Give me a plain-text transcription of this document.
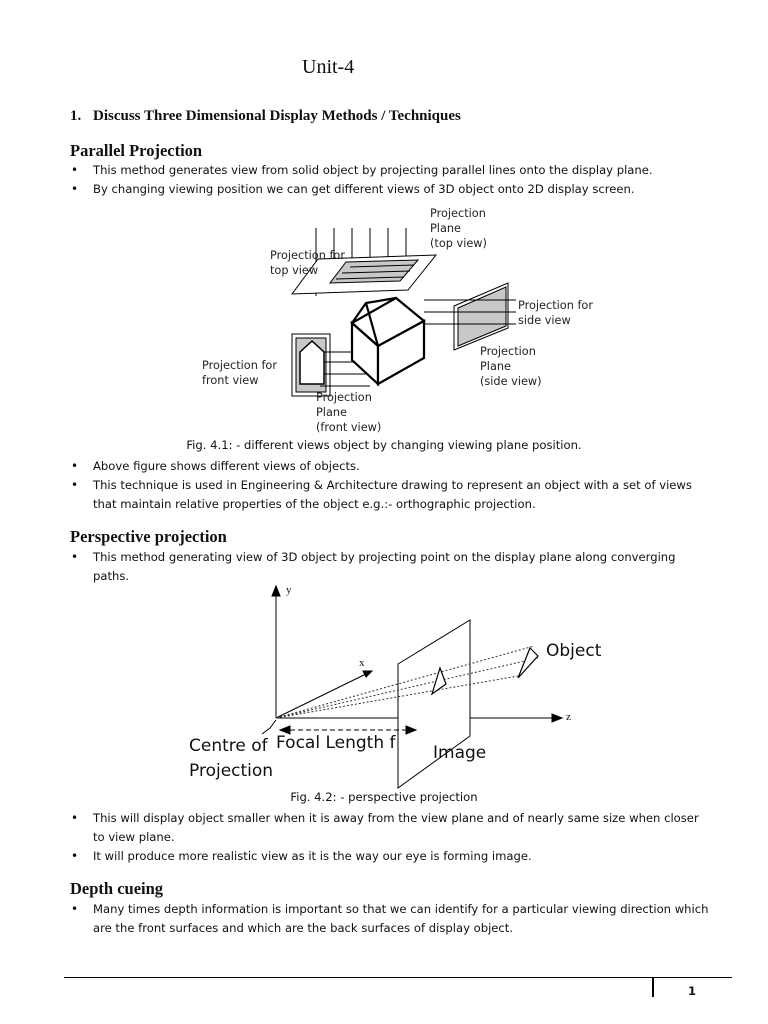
Unit-4
1. Discuss Three Dimensional Display Methods / Techniques
Parallel Projection
• This method generates view from solid object by projecting parallel lines onto the display plane.
• By changing viewing position we can get different views of 3D object onto 2D display screen.
Projection
Plane
(top view)
Projection for
top view
Projection for
side view
Projection
Plane
(side view)
Projection for
front view
Projection
Plane
(front view)
Fig. 4.1: - different views object by changing viewing plane position.
• Above figure shows different views of objects.
• This technique is used in Engineering & Architecture drawing to represent an object with a set of views that maintain relative properties of the object e.g.:- orthographic projection.
Perspective projection
• This method generating view of 3D object by projecting point on the display plane along converging paths.
y
x
z
Object
Image
Centre of
Projection
Focal Length f
Fig. 4.2: - perspective projection
• This will display object smaller when it is away from the view plane and of nearly same size when closer to view plane.
• It will produce more realistic view as it is the way our eye is forming image.
Depth cueing
• Many times depth information is important so that we can identify for a particular viewing direction which are the front surfaces and which are the back surfaces of display object.
1
